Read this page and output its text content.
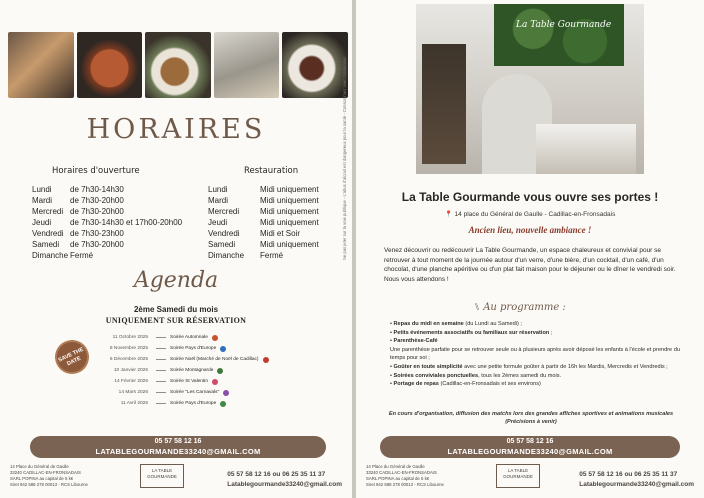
HORAIRES
Horaires d'ouverture	Restauration
Lundi	de 7h30-14h30
Mardi	de 7h30-20h00
Mercredi de 7h30-20h00
Jeudi	de 7h30-14h30 et 17h00-20h00
Vendredi de 7h30-23h00
Samedi	de 7h30-20h00
Dimanche Fermé
Lundi	Midi uniquement
Mardi	Midi uniquement
Mercredi	Midi uniquement
Jeudi	Midi uniquement
Vendredi	Midi et Soir
Samedi	Midi uniquement
Dimanche	Fermé
Agenda
2ème Samedi du mois
UNIQUEMENT SUR RÉSERVATION
SAVE THE DATE
11 Octobre 2025	Soirée Automnale
8 Novembre 2025	Soirée Pays d'Europe
6 Décembre 2025	Soirée Noël (Marché de Noël de Cadillac)
10 Janvier 2026	Soirée Montagnarde
14 Février 2026	Soirée St Valentin
14 Mars 2026	Soirée "Les Carnavals"
11 Avril 2026	Soirée Pays d'Europe
05 57 58 12 16
LATABLEGOURMANDE33240@GMAIL.COM
14 Place du Général de Gaulle
33240 CADILLAC-EN-FRONSADAIS
SARL POPINA au capital de 5 k€
Siret 942 588 278 00013 - RCS Libourne
LA TABLE GOURMANDE	05 57 58 12 16 ou 06 25 35 11 37
Latablegourmande33240@gmail.com
Ne pas jeter sur la voie publique - L'abus d'alcool est dangereux pour la santé - Consommez avec modération
La Table Gourmande
La Table Gourmande vous ouvre ses portes !
📍 14 place du Général de Gaulle - Cadillac-en-Fronsadais
Ancien lieu, nouvelle ambiance !
Venez découvrir ou redécouvrir La Table Gourmande, un espace chaleureux et convivial pour se retrouver à tout moment de la journée autour d'un verre, d'une bière, d'un cocktail, d'un café, d'un chocolat, d'une planche apéritive ou d'un plat fait maison pour le déjeuner ou le dîner le vendredi soir. Nous vous attendons !
⑊ Au programme :
• Repas du midi en semaine (du Lundi au Samedi) ;
• Petits événements associatifs ou familiaux sur réservation ;
• Parenthèse-Café
Une parenthèse parfaite pour se retrouver seule ou à plusieurs après avoir déposé les enfants à l'école et prendre du temps pour soi ;
• Goûter en toute simplicité avec une petite formule goûter à partir de 16h les Mardis, Mercredis et Vendredis ;
• Soirées conviviales ponctuelles, tous les 2èmes samedi du mois.
• Portage de repas (Cadillac-en-Fronsadais et ses environs)
En cours d'organisation, diffusion des matchs lors des grandes affiches sportives et animations musicales (Précisions à venir)
05 57 58 12 16
LATABLEGOURMANDE33240@GMAIL.COM
14 Place du Général de Gaulle
33240 CADILLAC-EN-FRONSADAIS
SARL POPINA au capital de 5 k€
Siret 942 588 278 00013 - RCS Libourne
LA TABLE GOURMANDE	05 57 58 12 16 ou 06 25 35 11 37
Latablegourmande33240@gmail.com
